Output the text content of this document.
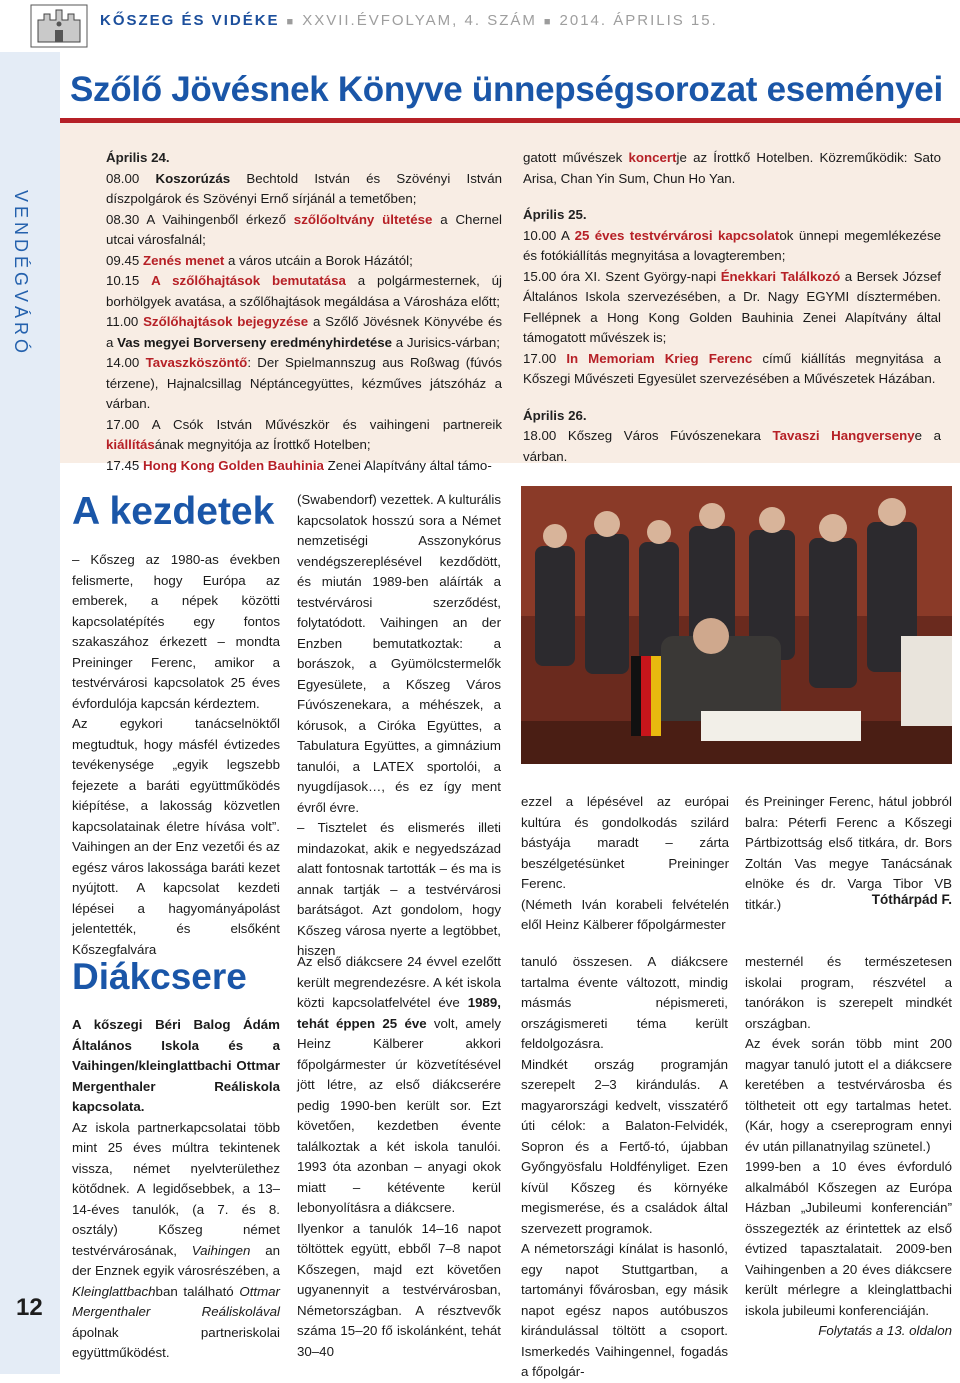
KŐSZEG ÉS VIDÉKE ■ XXVII.ÉVFOLYAM, 4. SZÁM ■ 2014. ÁPRILIS 15.
VENDÉGVÁRÓ
12
Szőlő Jövésnek Könyve ünnepségsorozat eseményei

Április 24.

08.00 Koszorúzás Bechtold István és Szövényi István díszpolgárok és Szövényi Ernő sírjánál a temetőben;

08.30 A Vaihingenből érkező szőlőoltvány ültetése a Chernel utcai városfalnál;

09.45 Zenés menet a város utcáin a Borok Házától;

10.15 A szőlőhajtások bemutatása a polgármesternek, új borhölgyek avatása, a szőlőhajtások megáldása a Városháza előtt;

11.00 Szőlőhajtások bejegyzése a Szőlő Jövésnek Könyvébe és a Vas megyei Borverseny eredményhirdetése a Jurisics-várban;

14.00 Tavaszköszöntő: Der Spielmannszug aus Roßwag (fúvós térzene), Hajnalcsillag Néptáncegyüttes, kézműves játszóház a várban.

17.00 A Csók István Művészkör és vaihingeni partnereik kiállításának megnyitója az Írottkő Hotelben;

17.45 Hong Kong Golden Bauhinia Zenei Alapítvány által támo-

gatott művészek koncertje az Írottkő Hotelben. Közreműködik: Sato Arisa, Chan Yin Sum, Chun Ho Yan.

Április 25.

10.00 A 25 éves testvérvárosi kapcsolatok ünnepi megemlékezése és fotókiállítás megnyitása a lovagteremben;

15.00 óra XI. Szent György-napi Énekkari Találkozó a Bersek József Általános Iskola szervezésében, a Dr. Nagy EGYMI dísztermében. Fellépnek a Hong Kong Golden Bauhinia Zenei Alapítvány által támogatott művészek is;

17.00 In Memoriam Krieg Ferenc című kiállítás megnyitása a Kőszegi Művészeti Egyesület szervezésében a Művészetek Házában.

Április 26.

18.00 Kőszeg Város Fúvószenekara Tavaszi Hangversenye a várban.

A kezdetek

– Kőszeg az 1980-as években felismerte, hogy Európa az emberek, a népek közötti kapcsolatépítés egy fontos szakaszához érkezett – mondta Preininger Ferenc, amikor a testvérvárosi kapcsolatok 25 éves évfordulója kapcsán kérdeztem.

Az egykori tanácselnöktől megtudtuk, hogy másfél évtizedes tevékenysége „egyik legszebb fejezete a baráti együttműködés kiépítése, a lakosság közvetlen kapcsolatainak életre hívása volt”. Vaihingen an der Enz vezetői és az egész város lakossága baráti kezet nyújtott. A kapcsolat kezdeti lépései a hagyományápolást jelentették, és elsőként Kőszegfalvára

(Swabendorf) vezettek. A kulturális kapcsolatok hosszú sora a Német nemzetiségi Asszonykórus vendégszereplésével kezdődött, és miután 1989-ben aláírták a testvérvárosi szerződést, folytatódott. Vaihingen an der Enzben bemutatkoztak: a borászok, a Gyümölcstermelők Egyesülete, a Kőszeg Város Fúvószenekara, a méhészek, a kórusok, a Ciróka Együttes, a Tabulatura Együttes, a gimnázium tanulói, a LATEX sportolói, a nyugdíjasok…, és ez így ment évről évre.

– Tisztelet és elismerés illeti mindazokat, akik e negyedszázad alatt fontosnak tartották – és ma is annak tartják – a testvérvárosi barátságot. Azt gondolom, hogy Kőszeg városa nyerte a legtöbbet, hiszen

ezzel a lépésével az európai kultúra és gondolkodás szilárd bástyája maradt – zárta beszélgetésünket Preininger Ferenc.

(Németh Iván korabeli felvételén elől Heinz Kälberer főpolgármester

és Preininger Ferenc, hátul jobbról balra: Péterfi Ferenc a Kőszegi Pártbizottság első titkára, dr. Bors Zoltán Vas megye Tanácsának elnöke és dr. Varga Tibor VB titkár.)	Tóthárpád F.
Diákcsere

A kőszegi Béri Balog Ádám Általános Iskola és a Vaihingen/kleinglattbachi Ottmar Mergenthaler Reáliskola kapcsolata.

Az iskola partnerkapcsolatai több mint 25 éves múltra tekintenek vissza, német nyelvterülethez kötődnek. A legidősebbek, a 13–14-éves tanulók, (a 7. és 8. osztály) Kőszeg német testvérvárosának, Vaihingen an der Enznek egyik városrészében, a Kleinglattbachban található Ottmar Mergenthaler Reáliskolával ápolnak partneriskolai együttműködést.

Az első diákcsere 24 évvel ezelőtt került megrendezésre. A két iskola közti kapcsolatfelvétel éve 1989, tehát éppen 25 éve volt, amely Heinz Kälberer akkori főpolgármester úr közvetítésével jött létre, az első diákcserére pedig 1990-ben került sor. Ezt követően, kezdetben évente találkoztak a két iskola tanulói. 1993 óta azonban – anyagi okok miatt – kétévente kerül lebonyolításra a diákcsere.

Ilyenkor a tanulók 14–16 napot töltöttek együtt, ebből 7–8 napot Kőszegen, majd ezt követően ugyanennyit a testvérvárosban, Németországban. A résztvevők száma 15–20 fő iskolánként, tehát 30–40

tanuló összesen. A diákcsere tartalma évente változott, mindig másmás népismereti, országismereti téma került feldolgozásra.

Mindkét ország programján szerepelt 2–3 kirándulás. A magyarországi kedvelt, visszatérő úti célok: a Balaton-Felvidék, Sopron és a Fertő-tó, újabban Győngyösfalu Holdfényliget. Ezen kívül Kőszeg és környéke megismerése, és a családok által szervezett programok.

A németországi kínálat is hasonló, egy napot Stuttgartban, a tartományi fővárosban, egy másik napot egész napos autóbuszos kirándulással töltött a csoport. Ismerkedés Vaihingennel, fogadás a főpolgár-

mesternél és természetesen iskolai program, részvétel a tanórákon is szerepelt mindkét országban.

Az évek során több mint 200 magyar tanuló jutott el a diákcsere keretében a testvérvárosba és töltheteit ott egy tartalmas hetet. (Kár, hogy a csereprogram ennyi év után pillanatnyilag szünetel.)

1999-ben a 10 éves évforduló alkalmából Kőszegen az Európa Házban „Jubileumi konferencián” összegezték az érintettek az első évtized tapasztalatait. 2009-ben Vaihingenben a 20 éves diákcsere került mérlegre a kleinglattbachi iskola jubileumi konferenciáján.

Folytatás a 13. oldalon
